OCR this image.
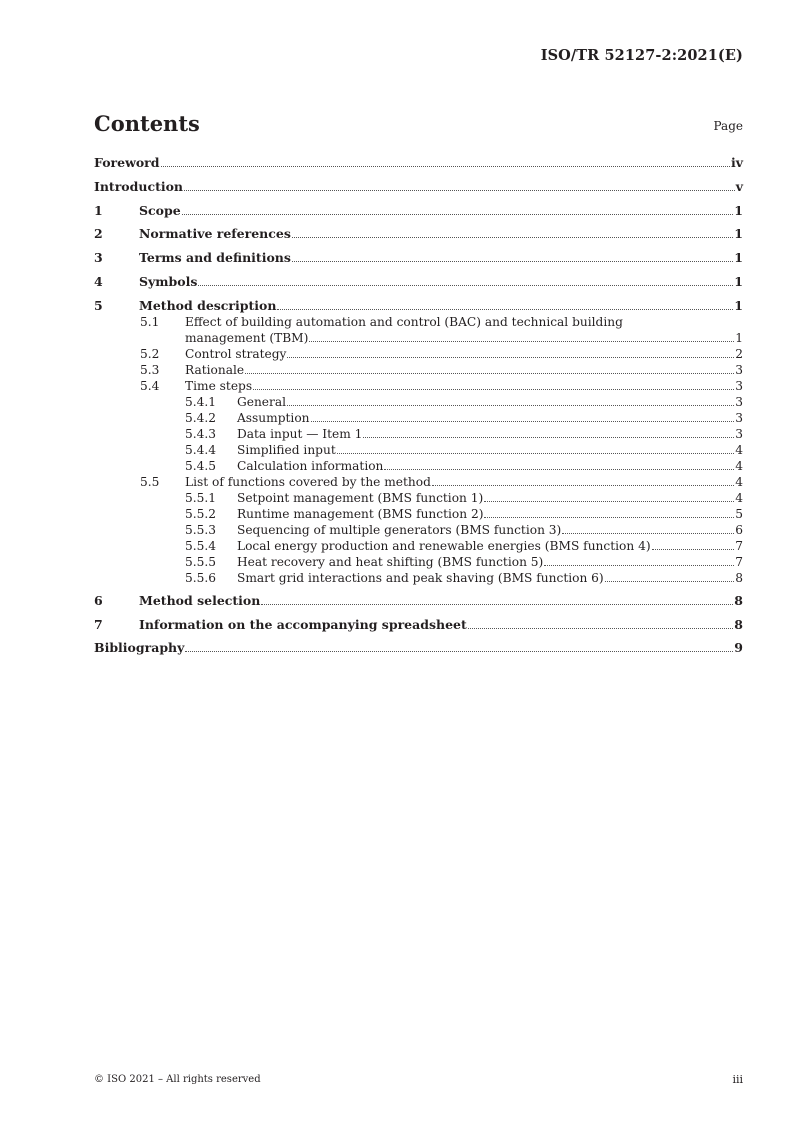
ISO/TR 52127-2:2021(E)
Contents	Page
Foreword	iv
Introduction	v
1	Scope	1
2	Normative references	1
3	Terms and definitions	1
4	Symbols	1
5	Method description	1
5.1	Effect of building automation and control (BAC) and technical building
management (TBM)	1
5.2	Control strategy	2
5.3	Rationale	3
5.4	Time steps	3
5.4.1	General	3
5.4.2	Assumption	3
5.4.3	Data input — Item 1	3
5.4.4	Simplified input	4
5.4.5	Calculation information	4
5.5	List of functions covered by the method	4
5.5.1	Setpoint management (BMS function 1)	4
5.5.2	Runtime management (BMS function 2)	5
5.5.3	Sequencing of multiple generators (BMS function 3)	6
5.5.4	Local energy production and renewable energies (BMS function 4)	7
5.5.5	Heat recovery and heat shifting (BMS function 5)	7
5.5.6	Smart grid interactions and peak shaving (BMS function 6)	8
6	Method selection	8
7	Information on the accompanying spreadsheet	8
Bibliography	9
© ISO 2021 – All rights reserved	iii
